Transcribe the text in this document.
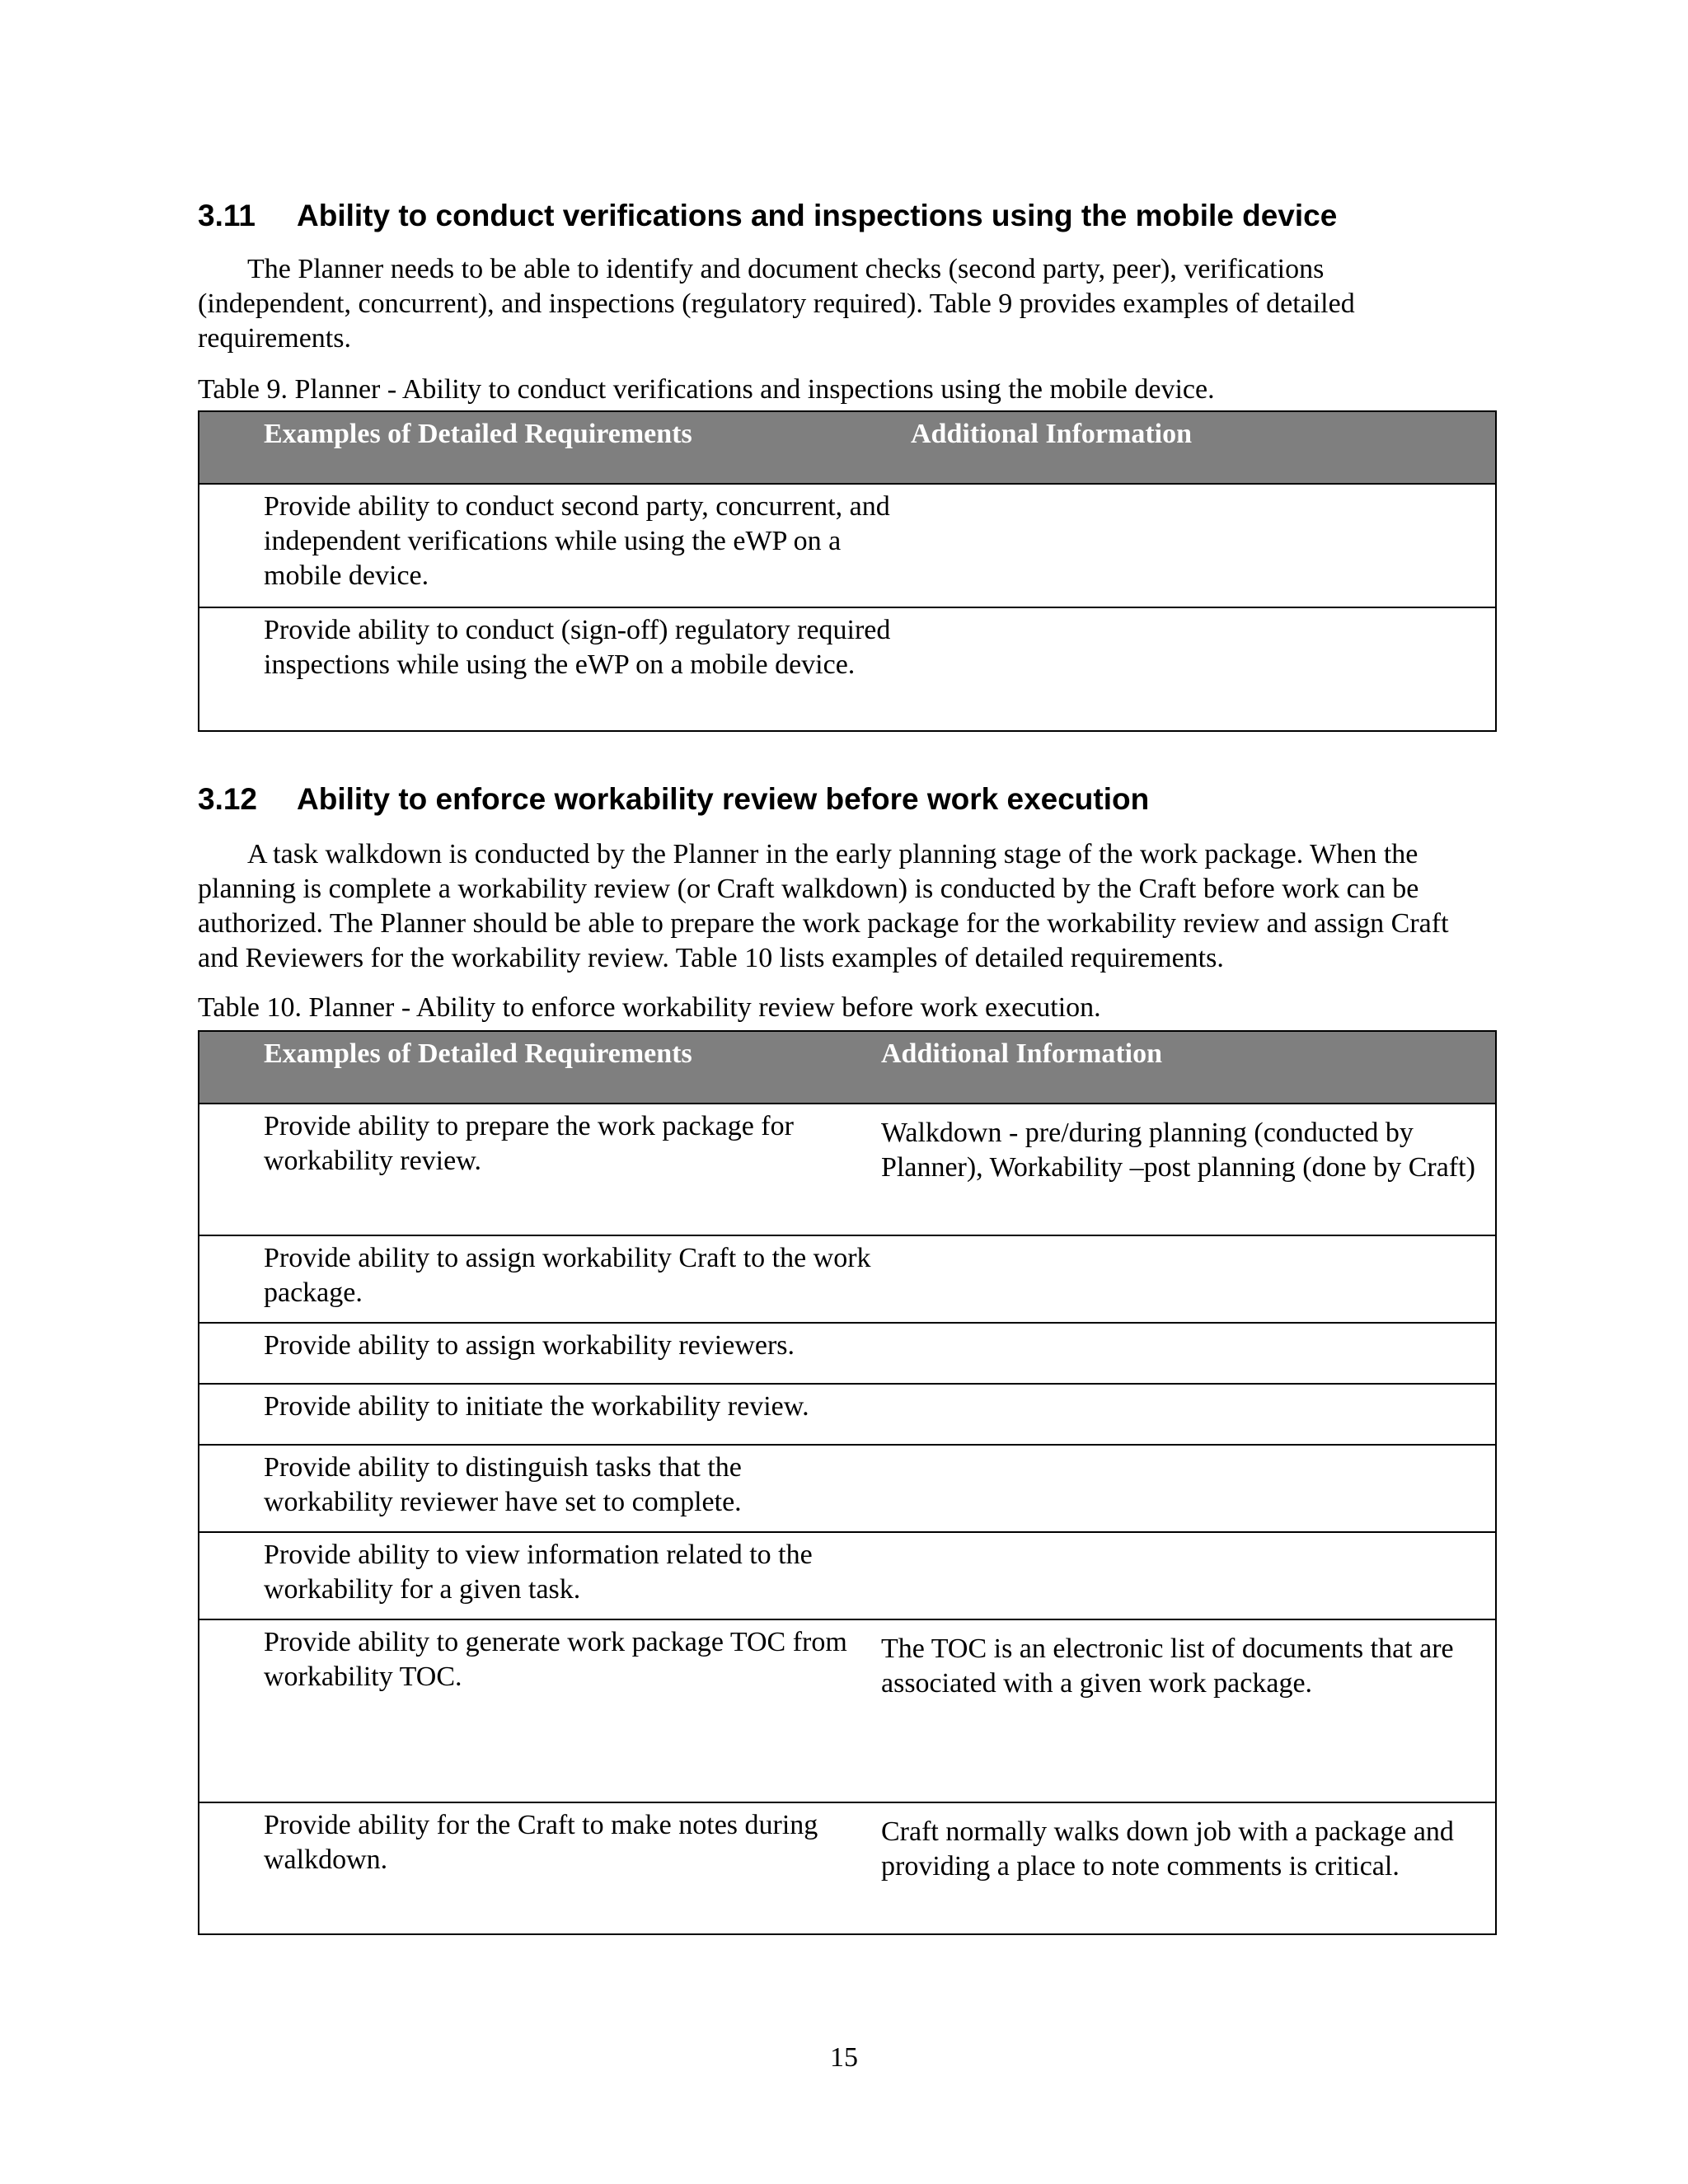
3.11 Ability to conduct verifications and inspections using the mobile device

The Planner needs to be able to identify and document checks (second party, peer), verifications (independent, concurrent), and inspections (regulatory required). Table 9 provides examples of detailed requirements.

Table 9. Planner - Ability to conduct verifications and inspections using the mobile device.

Examples of Detailed Requirements	Additional Information
Provide ability to conduct second party, concurrent, and independent verifications while using the eWP on a mobile device.	
Provide ability to conduct (sign-off) regulatory required inspections while using the eWP on a mobile device.	
3.12 Ability to enforce workability review before work execution

A task walkdown is conducted by the Planner in the early planning stage of the work package. When the planning is complete a workability review (or Craft walkdown) is conducted by the Craft before work can be authorized. The Planner should be able to prepare the work package for the workability review and assign Craft and Reviewers for the workability review. Table 10 lists examples of detailed requirements.

Table 10. Planner - Ability to enforce workability review before work execution.

Examples of Detailed Requirements	Additional Information
Provide ability to prepare the work package for workability review.	Walkdown - pre/during planning (conducted by Planner), Workability –post planning (done by Craft)
Provide ability to assign workability Craft to the work package.	
Provide ability to assign workability reviewers.	
Provide ability to initiate the workability review.	
Provide ability to distinguish tasks that the workability reviewer have set to complete.	
Provide ability to view information related to the workability for a given task.	
Provide ability to generate work package TOC from workability TOC.	The TOC is an electronic list of documents that are associated with a given work package.
Provide ability for the Craft to make notes during walkdown.	Craft normally walks down job with a package and providing a place to note comments is critical.

15
